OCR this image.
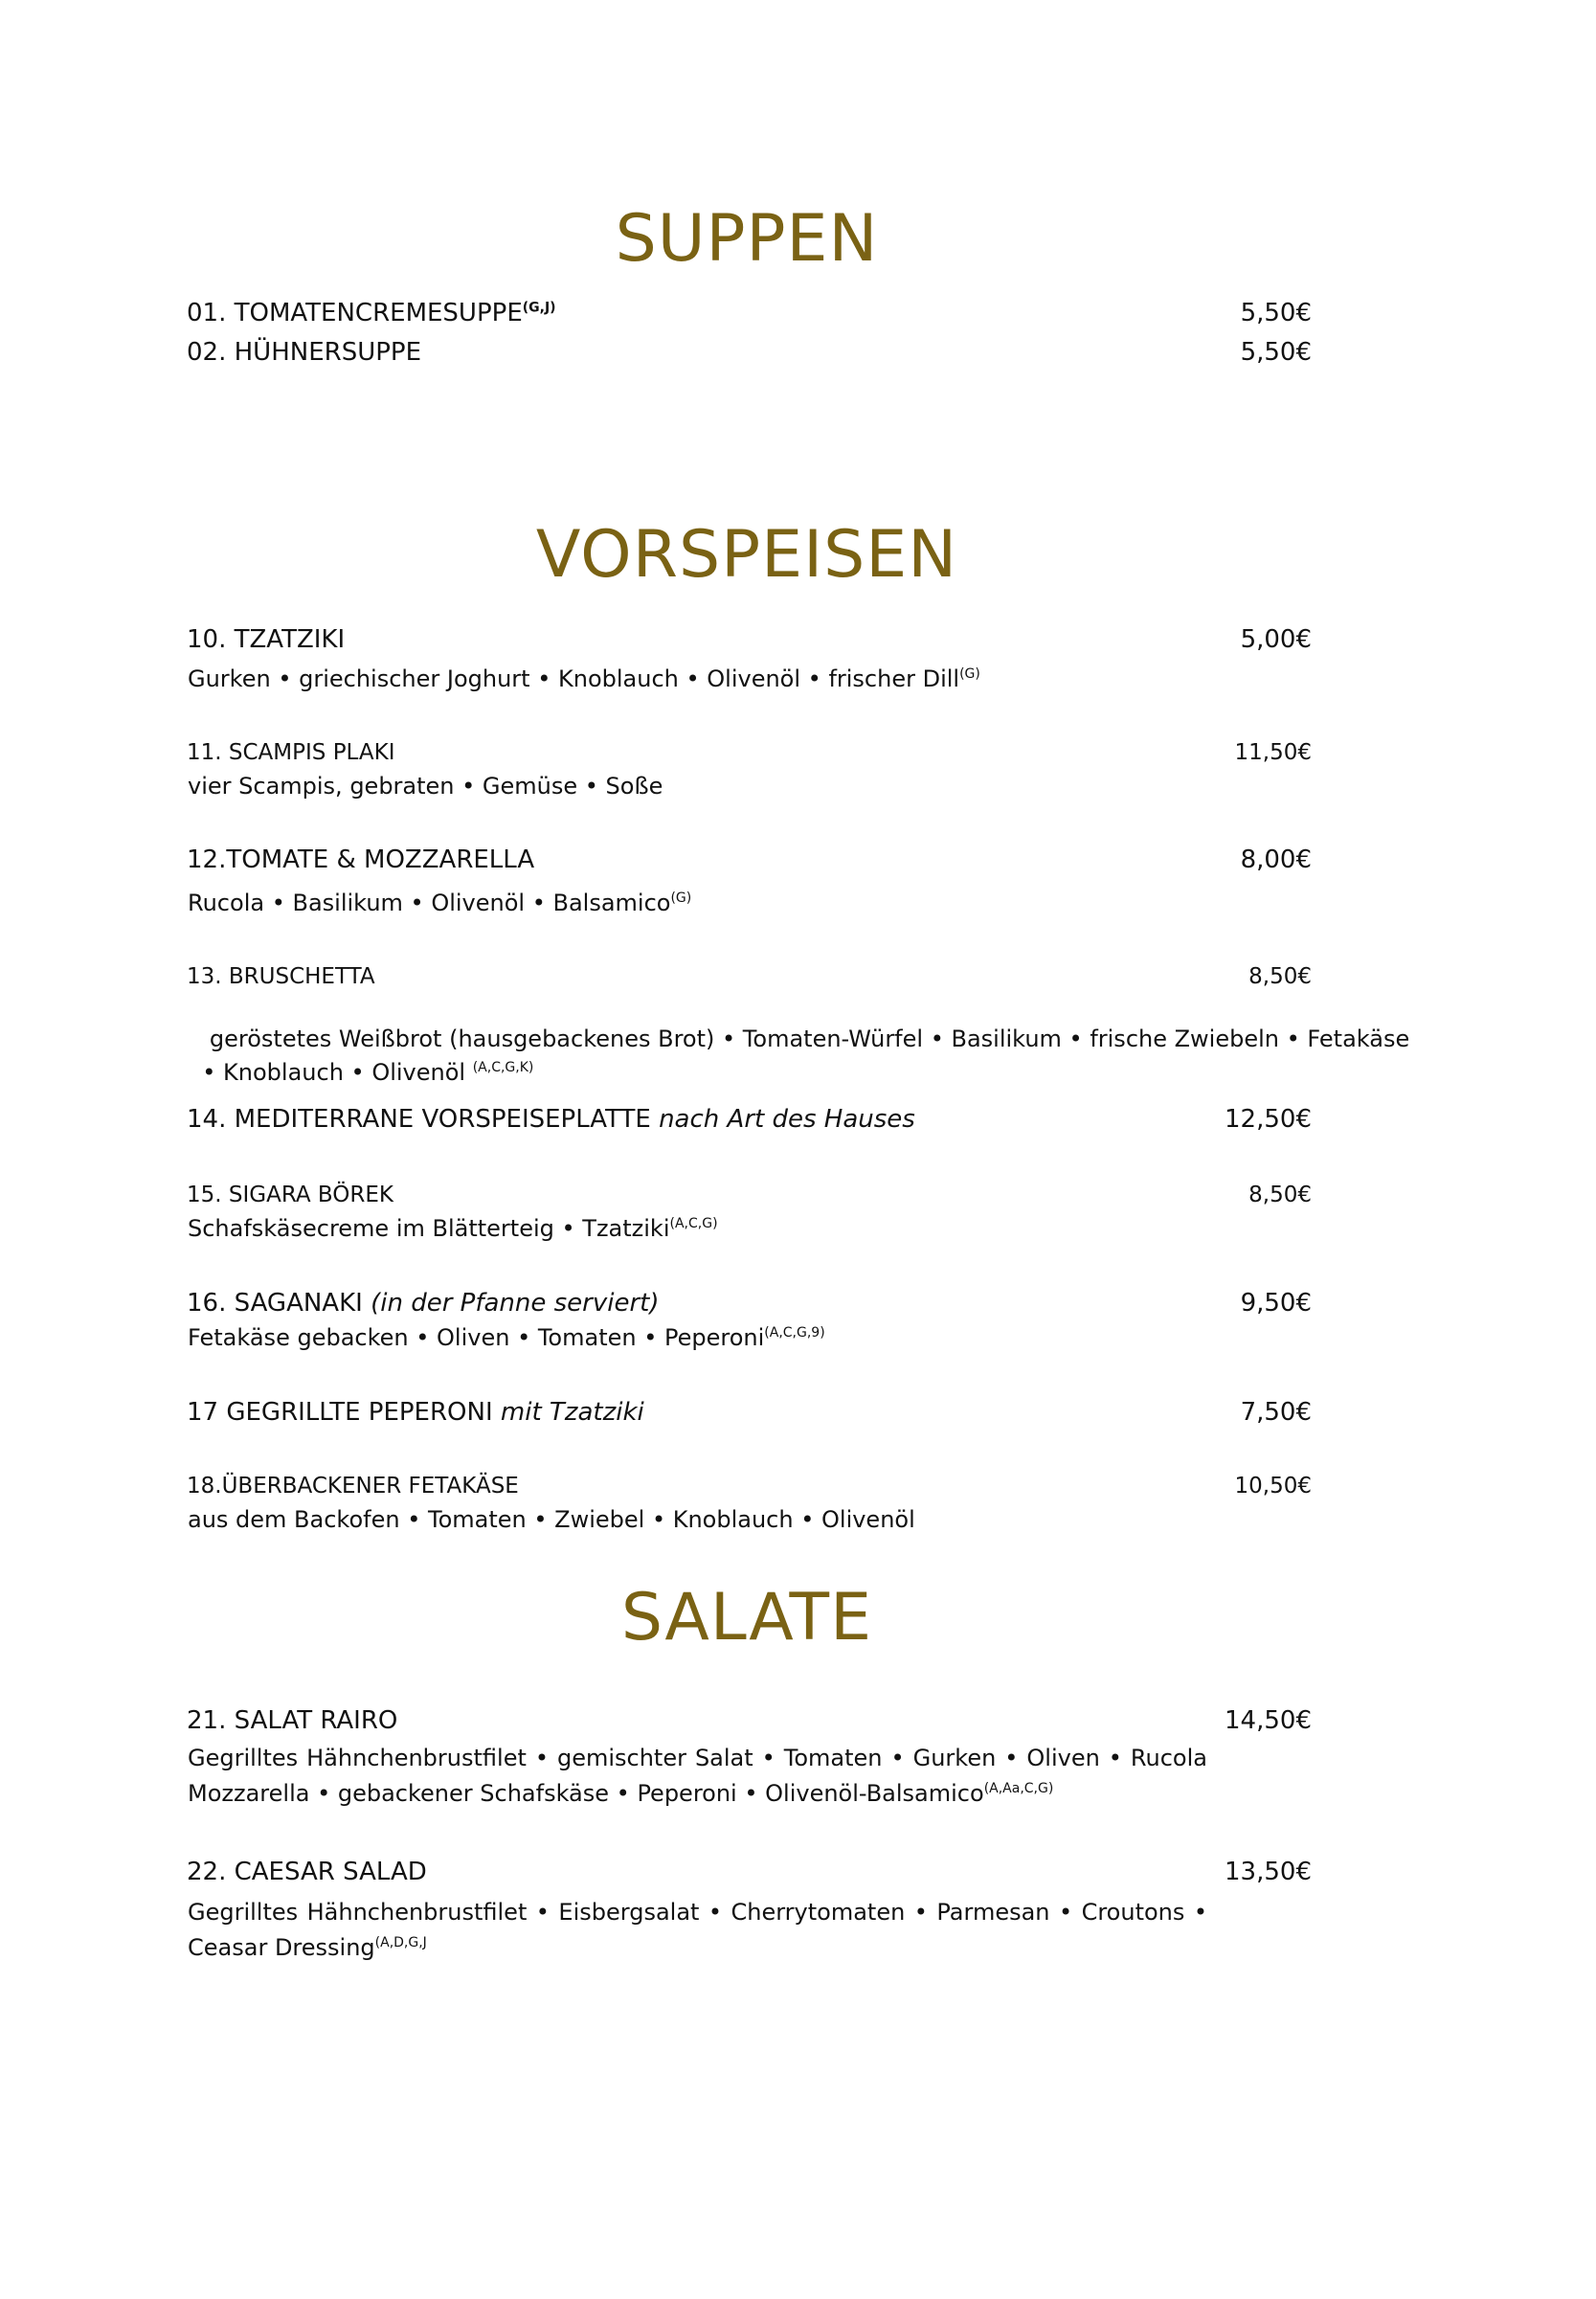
SUPPEN
01. $TOMATENCREMESUPPE^{(G,J)}$	5,50€
02. HÜHNERSUPPE	5,50€
VORSPEISEN
10. TZATZIKI	5,00€
Gurken • griechischer Joghurt • Knoblauch • Olivenöl • frischer Dill$^{(G)}$
11. SCAMPIS PLAKI	11,50€
vier Scampis, gebraten • Gemüse • Soße
12.TOMATE & MOZZARELLA	8,00€
Rucola • Basilikum • Olivenöl • Balsamico$^{(G)}$
13. BRUSCHETTA	8,50€

geröstetes Weißbrot (hausgebackenes Brot) • Tomaten-Würfel • Basilikum • frische Zwiebeln • Fetakäse

• Knoblauch • Olivenöl $^{(A,C,G,K)}$

14. MEDITERRANE VORSPEISEPLATTE nach Art des Hauses	12,50€
15. SIGARA BÖREK	8,50€
Schafskäsecreme im Blätterteig • Tzatziki$^{(A,C,G)}$
16. SAGANAKI (in der Pfanne serviert)	9,50€
Fetakäse gebacken • Oliven • Tomaten • Peperoni$^{(A,C,G,9)}$
17 GEGRILLTE PEPERONI mit Tzatziki	7,50€
18.ÜBERBACKENER FETAKÄSE	10,50€
aus dem Backofen • Tomaten • Zwiebel • Knoblauch • Olivenöl
SALATE
21. SALAT RAIRO	14,50€
Gegrilltes Hähnchenbrustfilet • gemischter Salat • Tomaten • Gurken • Oliven • Rucola Mozzarella • gebackener Schafskäse • Peperoni • Olivenöl-Balsamico$^{(A,Aa,C,G)}$
22. CAESAR SALAD	13,50€
Gegrilltes Hähnchenbrustfilet • Eisbergsalat • Cherrytomaten • Parmesan • Croutons • Ceasar Dressing$^{(A,D,G,J}$
